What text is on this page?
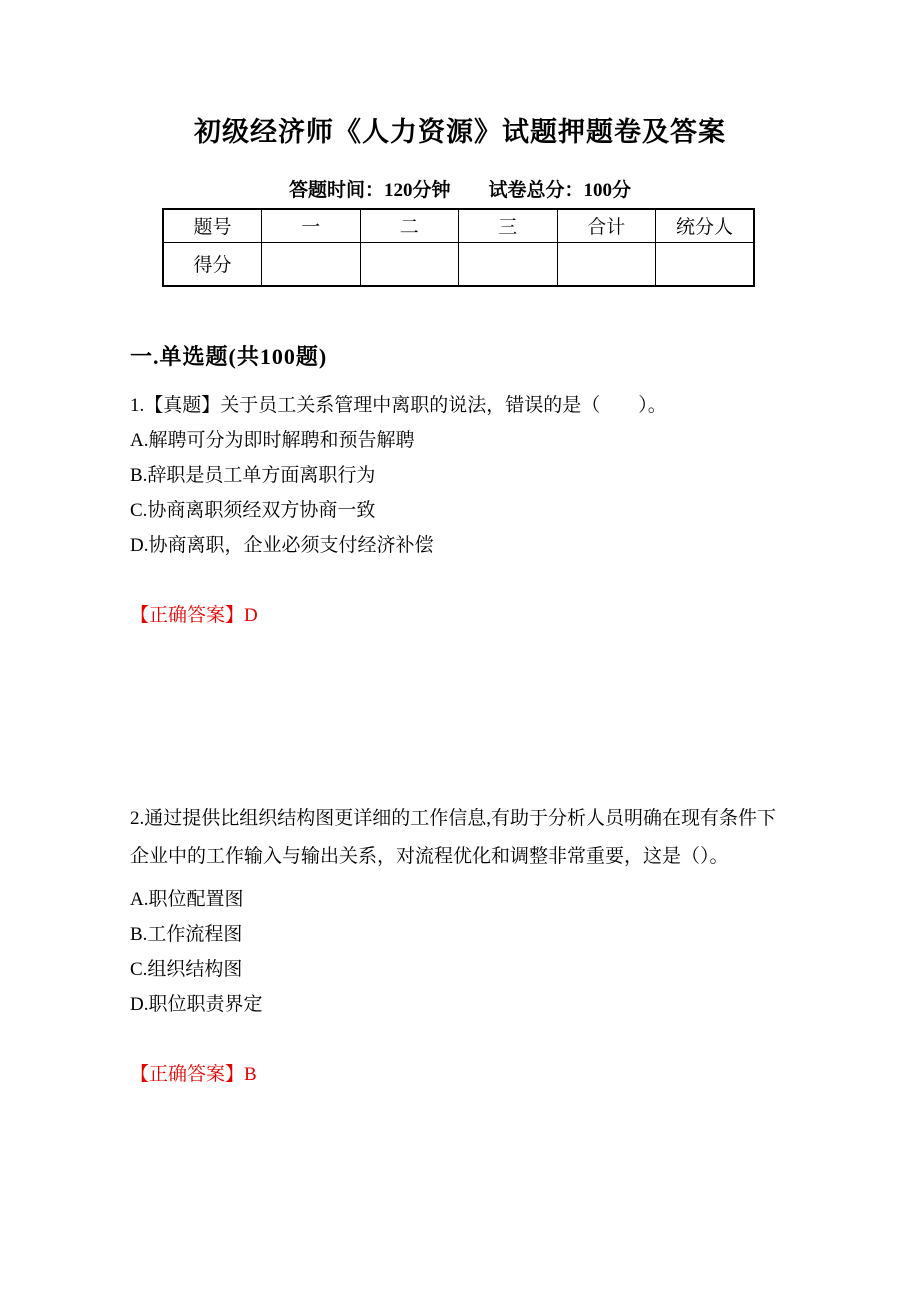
初级经济师《人力资源》试题押题卷及答案
答题时间：120分钟 试卷总分：100分
题号	一	二	三	合计	统分人
得分					
一.单选题(共100题)

1.【真题】关于员工关系管理中离职的说法，错误的是（　　）。

A.解聘可分为即时解聘和预告解聘

B.辞职是员工单方面离职行为

C.协商离职须经双方协商一致

D.协商离职，企业必须支付经济补偿

【正确答案】D

2.通过提供比组织结构图更详细的工作信息,有助于分析人员明确在现有条件下

企业中的工作输入与输出关系，对流程优化和调整非常重要，这是（）。

A.职位配置图

B.工作流程图

C.组织结构图

D.职位职责界定

【正确答案】B
